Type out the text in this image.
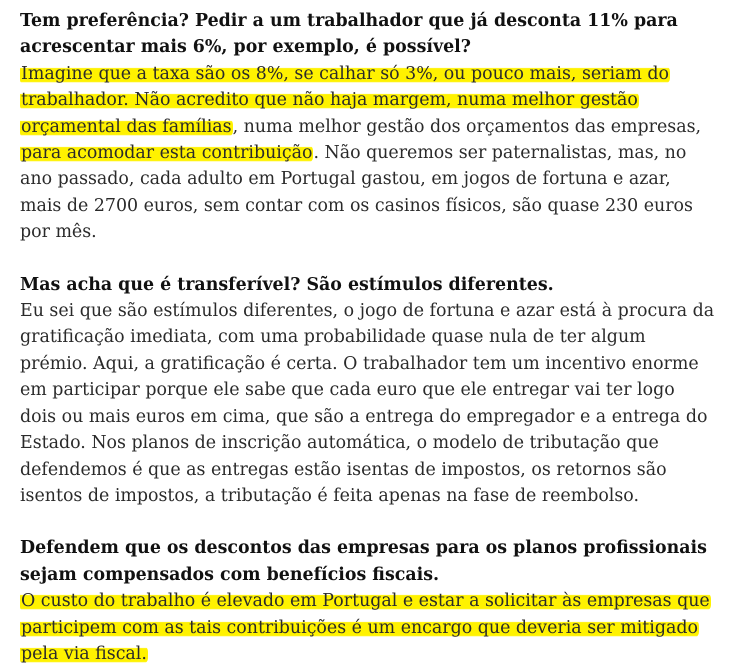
Tem preferência? Pedir a um trabalhador que já desconta 11% para acrescentar mais 6%, por exemplo, é possível?

Imagine que a taxa são os 8%, se calhar só 3%, ou pouco mais, seriam do trabalhador. Não acredito que não haja margem, numa melhor gestão orçamental das famílias, numa melhor gestão dos orçamentos das empresas, para acomodar esta contribuição. Não queremos ser paternalistas, mas, no ano passado, cada adulto em Portugal gastou, em jogos de fortuna e azar, mais de 2700 euros, sem contar com os casinos físicos, são quase 230 euros por mês.

Mas acha que é transferível? São estímulos diferentes.

Eu sei que são estímulos diferentes, o jogo de fortuna e azar está à procura da gratificação imediata, com uma probabilidade quase nula de ter algum prémio. Aqui, a gratificação é certa. O trabalhador tem um incentivo enorme em participar porque ele sabe que cada euro que ele entregar vai ter logo dois ou mais euros em cima, que são a entrega do empregador e a entrega do Estado. Nos planos de inscrição automática, o modelo de tributação que defendemos é que as entregas estão isentas de impostos, os retornos são isentos de impostos, a tributação é feita apenas na fase de reembolso.

Defendem que os descontos das empresas para os planos profissionais sejam compensados com benefícios fiscais.

O custo do trabalho é elevado em Portugal e estar a solicitar às empresas que participem com as tais contribuições é um encargo que deveria ser mitigado pela via fiscal.
